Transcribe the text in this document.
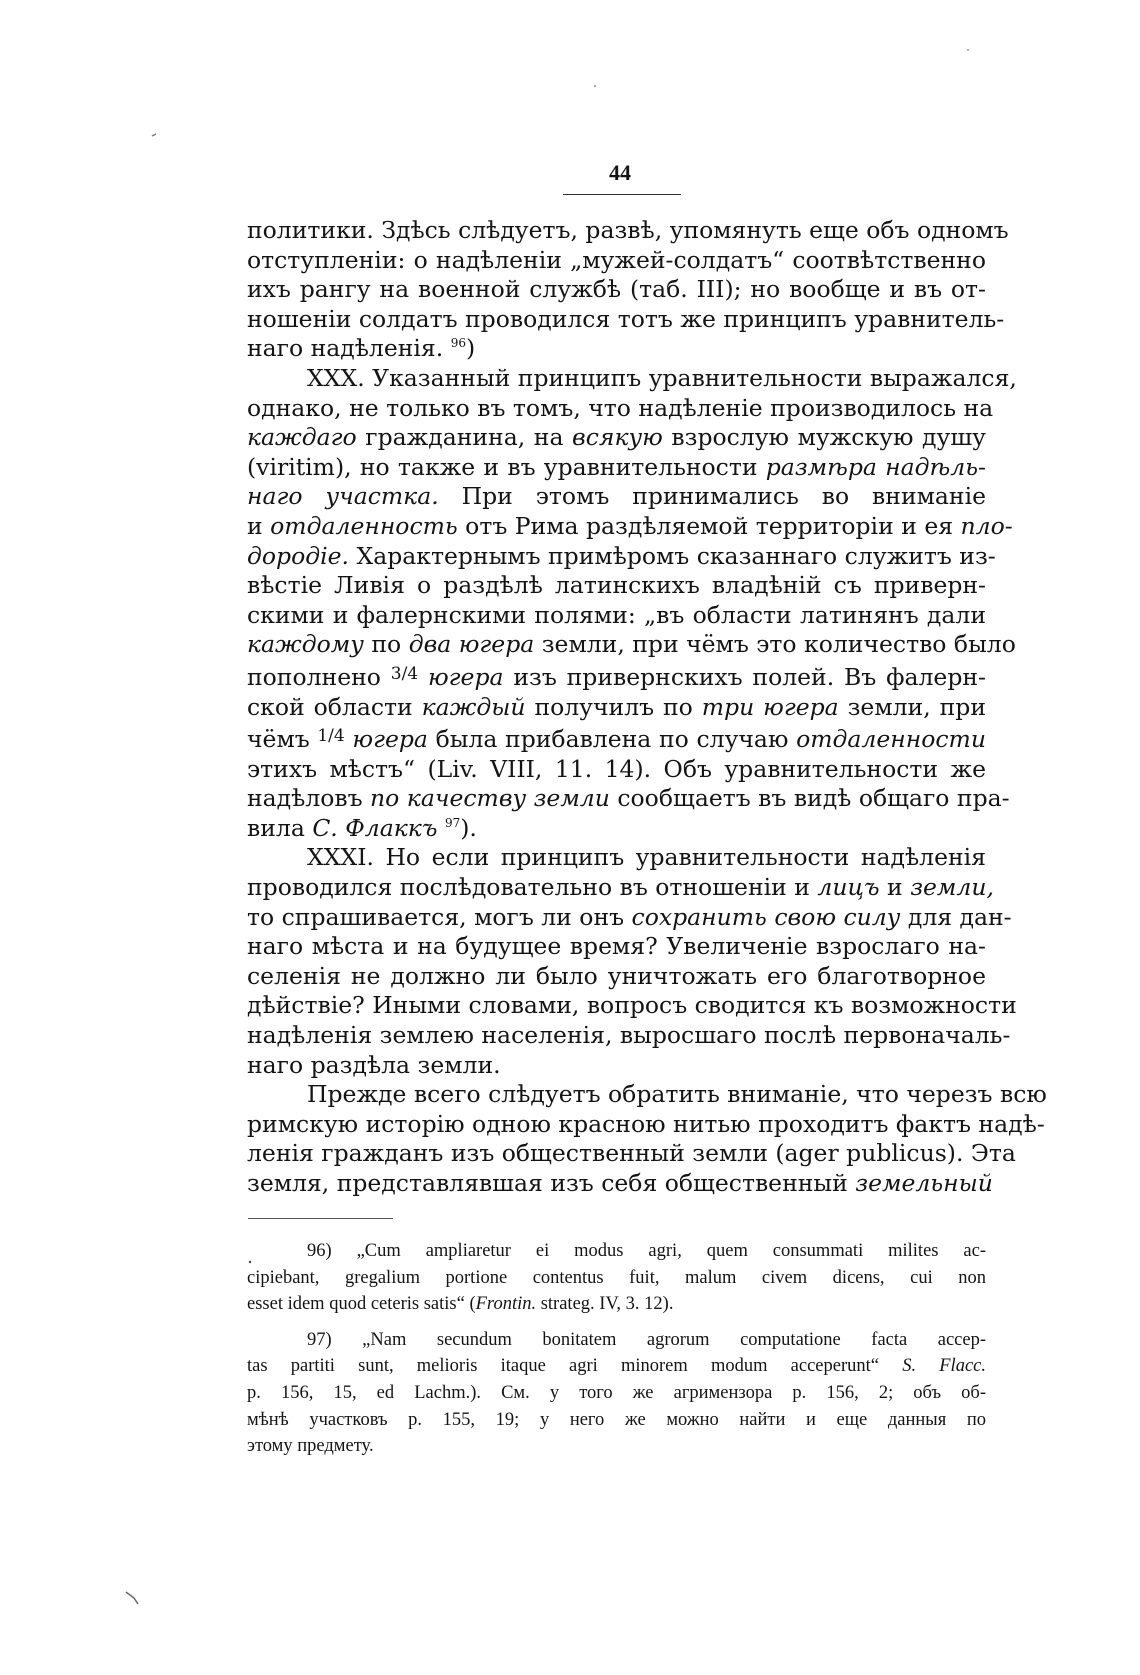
44
политики. Здѣсь слѣдуетъ, развѣ, упомянуть еще объ одномъ
отступленіи: о надѣленіи „мужей-солдатъ“ соотвѣтственно
ихъ рангу на военной службѣ (таб. III); но вообще и въ от-
ношеніи солдатъ проводился тотъ же принципъ уравнитель-
наго надѣленія. $^{96}$)
XXX. Указанный принципъ уравнительности выражался,
однако, не только въ томъ, что надѣленіе производилось на
каждаго гражданина, на всякую взрослую мужскую душу
(viritim), но также и въ уравнительности размѣра надѣль-
наго участка. При этомъ принимались во вниманіе
и отдаленность отъ Рима раздѣляемой территоріи и ея пло-
дородіе. Характернымъ примѣромъ сказаннаго служитъ из-
вѣстіе Ливія о раздѣлѣ латинскихъ владѣній съ приверн-
скими и фалернскими полями: „въ области латинянъ дали
каждому по два югера земли, при чёмъ это количество было
пополнено $^{3/4}$ югера изъ привернскихъ полей. Въ фалерн-
ской области каждый получилъ по три югера земли, при
чёмъ $^{1/4}$ югера была прибавлена по случаю отдаленности
этихъ мѣстъ“ (Liv. VIII, 11. 14). Объ уравнительности же
надѣловъ по качеству земли сообщаетъ въ видѣ общаго пра-
вила С. Флаккъ $^{97}$).
XXXI. Но если принципъ уравнительности надѣленія
проводился послѣдовательно въ отношеніи и лицъ и земли,
то спрашивается, могъ ли онъ сохранить свою силу для дан-
наго мѣста и на будущее время? Увеличеніе взрослаго на-
селенія не должно ли было уничтожать его благотворное
дѣйствіе? Иными словами, вопросъ сводится къ возможности
надѣленія землею населенія, выросшаго послѣ первоначаль-
наго раздѣла земли.
Прежде всего слѣдуетъ обратить вниманіе, что черезъ всю
римскую исторію одною красною нитью проходитъ фактъ надѣ-
ленія гражданъ изъ общественный земли (ager publicus). Эта
земля, представлявшая изъ себя общественный земельный
96) „Cum ampliaretur ei modus agri, quem consummati milites ac-
cipiebant, gregalium portione contentus fuit, malum civem dicens, cui non
esset idem quod ceteris satis“ (Frontin. strateg. IV, 3. 12).
97) „Nam secundum bonitatem agrorum computatione facta accep-
tas partiti sunt, melioris itaque agri minorem modum acceperunt“ S. Flacc.
p. 156, 15, ed Lachm.). См. у того же агримензора р. 156, 2; объ об-
мѣнѣ участковъ р. 155, 19; у него же можно найти и еще данныя по
этому предмету.
